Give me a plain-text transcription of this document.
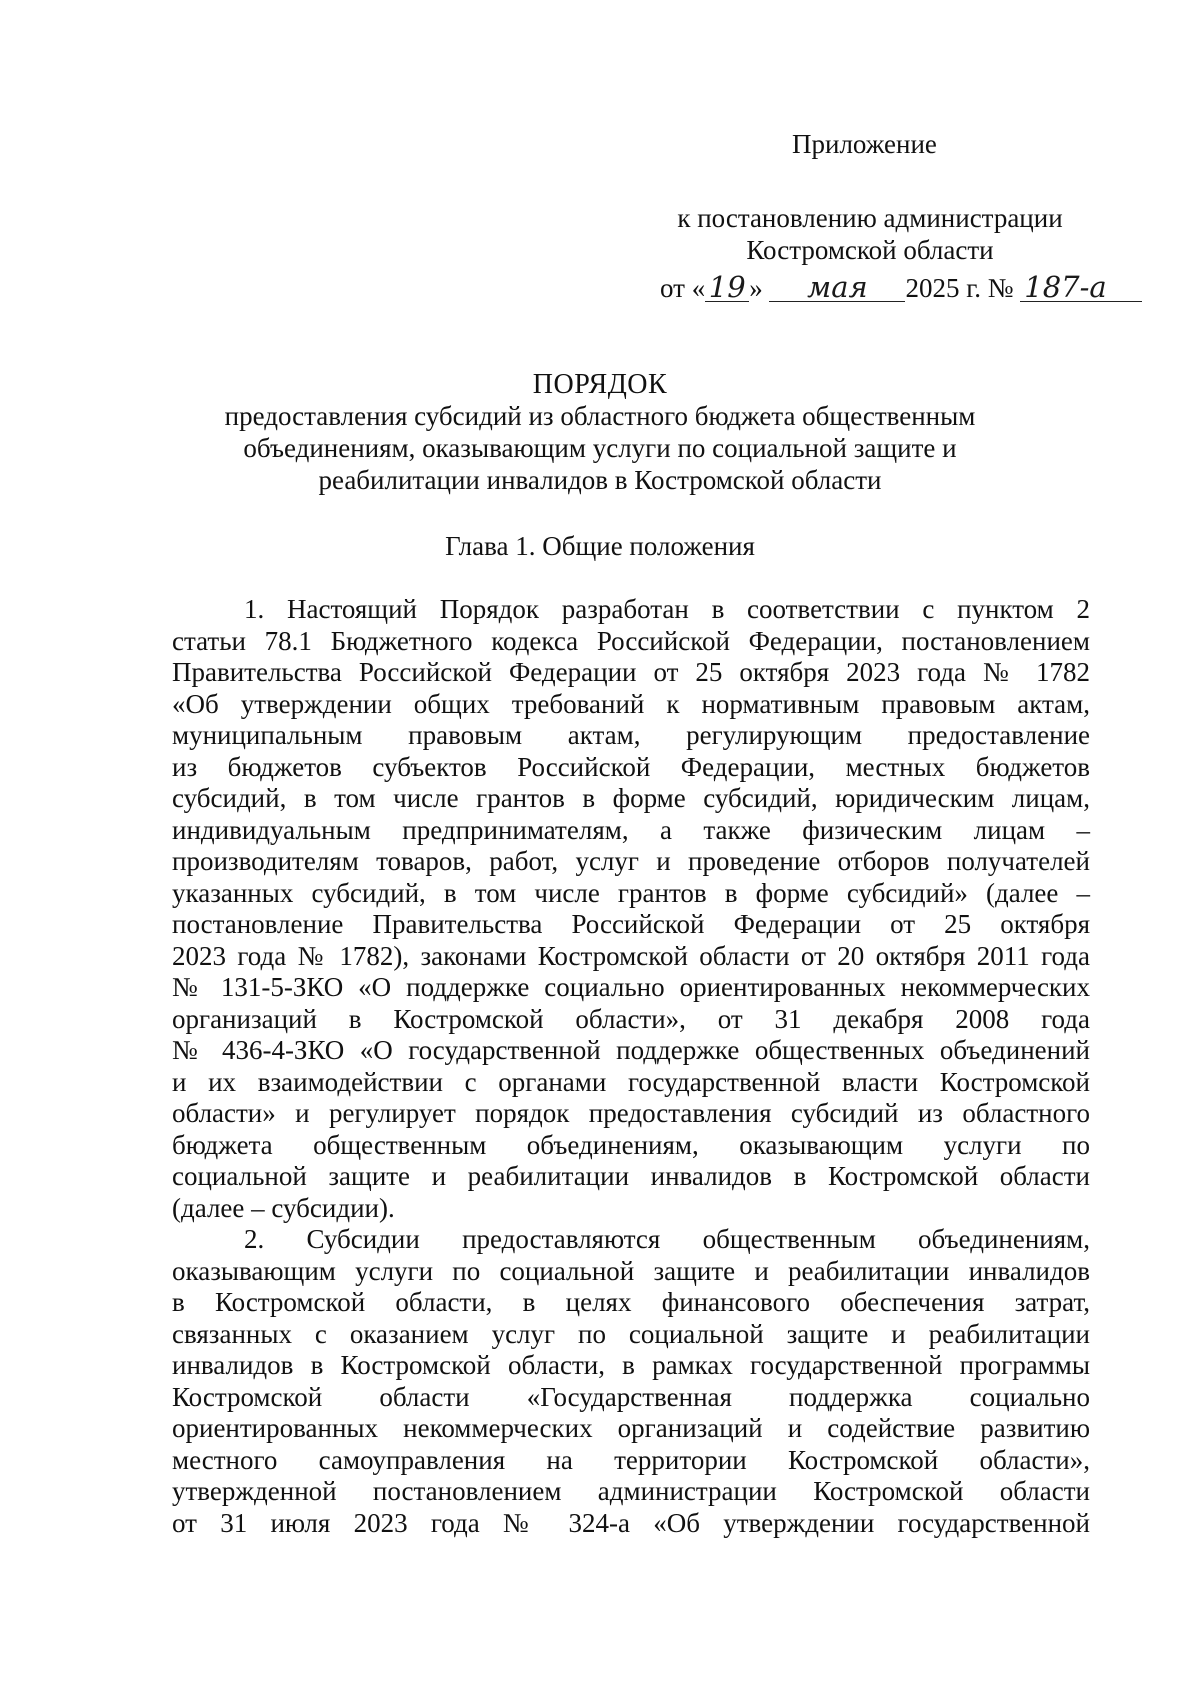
Приложение
к постановлению администрации
Костромской области
от « 19 » мая 2025 г. № 187-а
ПОРЯДОК
предоставления субсидий из областного бюджета общественным
объединениям, оказывающим услуги по социальной защите и
реабилитации инвалидов в Костромской области
Глава 1. Общие положения
1. Настоящий Порядок разработан в соответствии с пунктом 2
статьи 78.1 Бюджетного кодекса Российской Федерации, постановлением
Правительства Российской Федерации от 25 октября 2023 года № 1782
«Об утверждении общих требований к нормативным правовым актам,
муниципальным правовым актам, регулирующим предоставление
из бюджетов субъектов Российской Федерации, местных бюджетов
субсидий, в том числе грантов в форме субсидий, юридическим лицам,
индивидуальным предпринимателям, а также физическим лицам –
производителям товаров, работ, услуг и проведение отборов получателей
указанных субсидий, в том числе грантов в форме субсидий» (далее –
постановление Правительства Российской Федерации от 25 октября
2023 года № 1782), законами Костромской области от 20 октября 2011 года
№ 131-5-ЗКО «О поддержке социально ориентированных некоммерческих
организаций в Костромской области», от 31 декабря 2008 года
№ 436-4-ЗКО «О государственной поддержке общественных объединений
и их взаимодействии с органами государственной власти Костромской
области» и регулирует порядок предоставления субсидий из областного
бюджета общественным объединениям, оказывающим услуги по
социальной защите и реабилитации инвалидов в Костромской области
(далее – субсидии).
2. Субсидии предоставляются общественным объединениям,
оказывающим услуги по социальной защите и реабилитации инвалидов
в Костромской области, в целях финансового обеспечения затрат,
связанных с оказанием услуг по социальной защите и реабилитации
инвалидов в Костромской области, в рамках государственной программы
Костромской области «Государственная поддержка социально
ориентированных некоммерческих организаций и содействие развитию
местного самоуправления на территории Костромской области»,
утвержденной постановлением администрации Костромской области
от 31 июля 2023 года № 324-а «Об утверждении государственной
